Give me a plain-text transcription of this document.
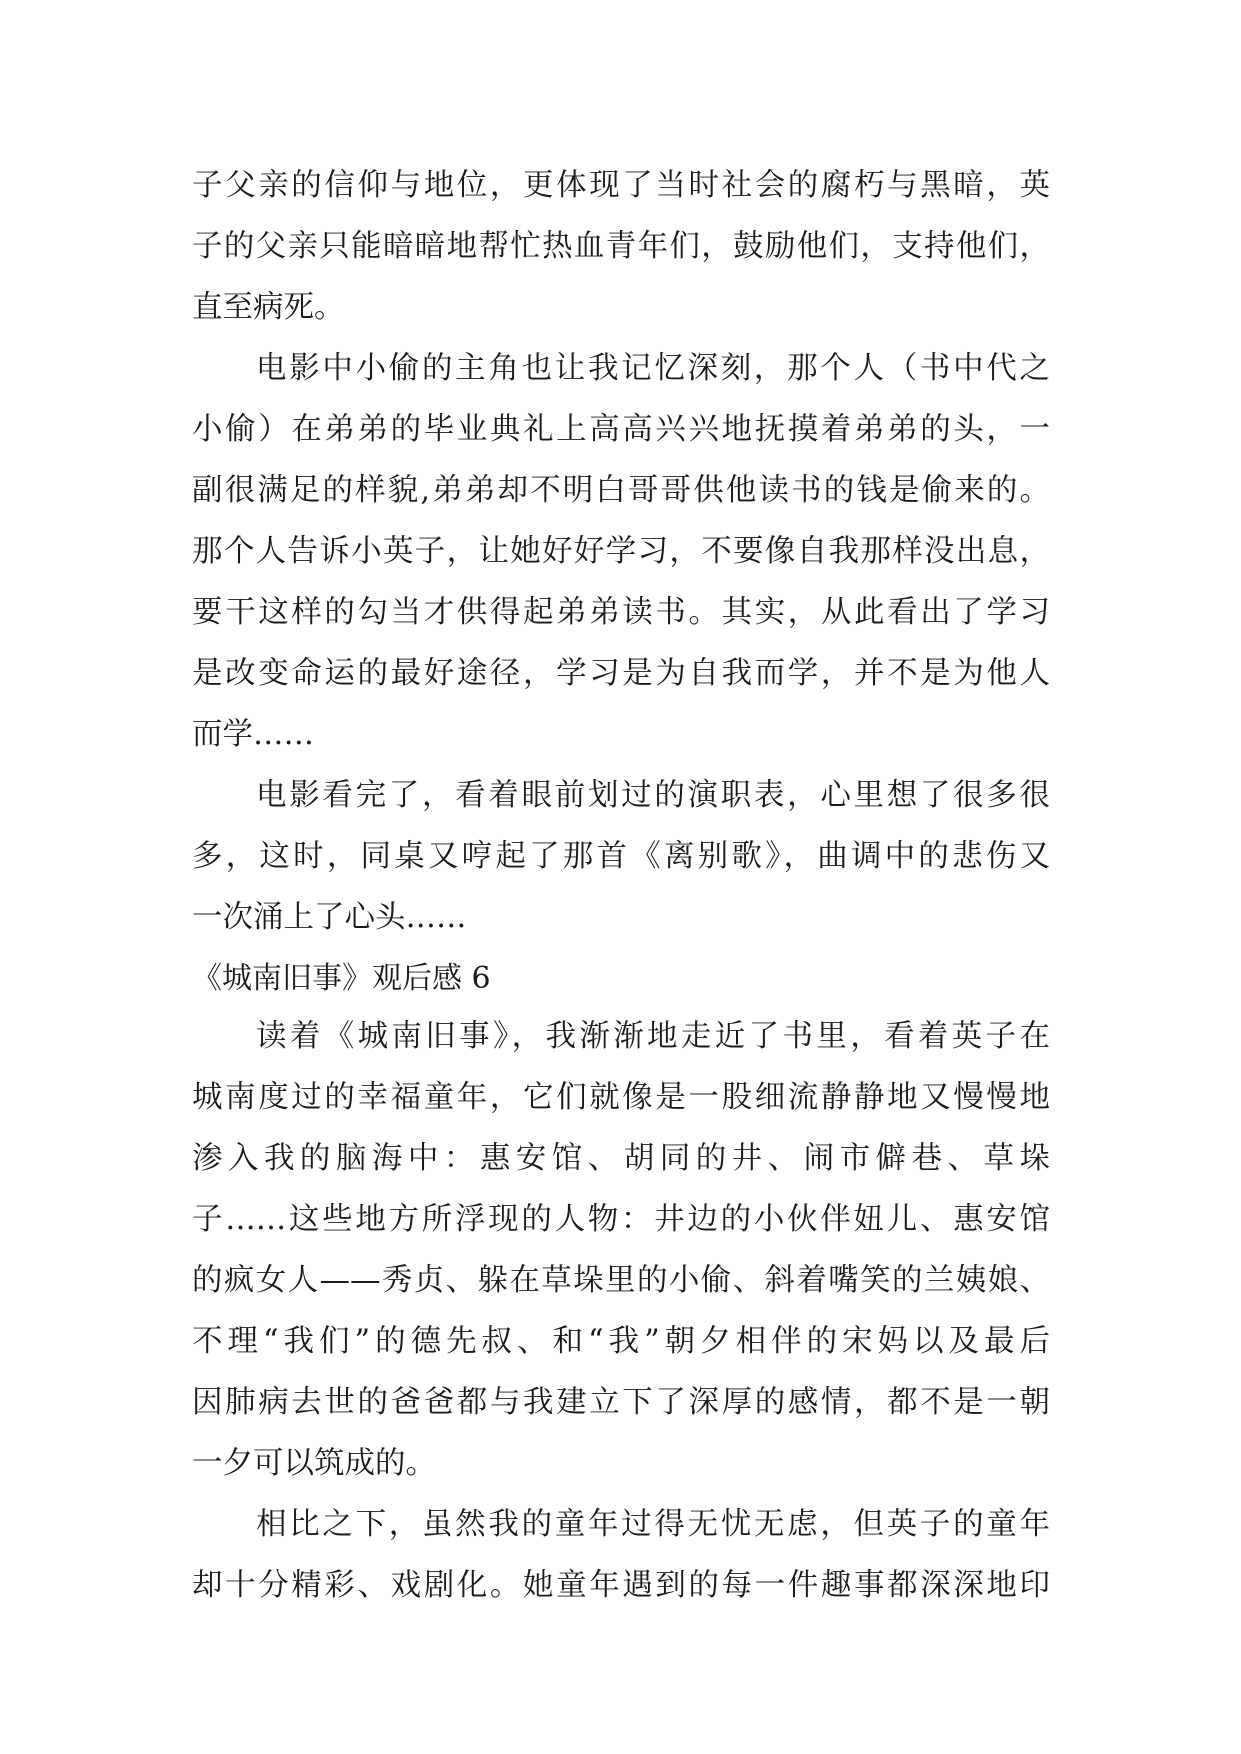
子父亲的信仰与地位，更体现了当时社会的腐朽与黑暗，英
子的父亲只能暗暗地帮忙热血青年们，鼓励他们，支持他们，
直至病死。
电影中小偷的主角也让我记忆深刻，那个人（书中代之
小偷）在弟弟的毕业典礼上高高兴兴地抚摸着弟弟的头，一
副很满足的样貌,弟弟却不明白哥哥供他读书的钱是偷来的。
那个人告诉小英子，让她好好学习，不要像自我那样没出息，
要干这样的勾当才供得起弟弟读书。其实，从此看出了学习
是改变命运的最好途径，学习是为自我而学，并不是为他人
而学……
电影看完了，看着眼前划过的演职表，心里想了很多很
多，这时，同桌又哼起了那首《离别歌》，曲调中的悲伤又
一次涌上了心头……
《城南旧事》观后感 6
读着《城南旧事》，我渐渐地走近了书里，看着英子在
城南度过的幸福童年，它们就像是一股细流静静地又慢慢地
渗入我的脑海中：惠安馆、胡同的井、闹市僻巷、草垛
子……这些地方所浮现的人物：井边的小伙伴妞儿、惠安馆
的疯女人——秀贞、躲在草垛里的小偷、斜着嘴笑的兰姨娘、
不理“我们”的德先叔、和“我”朝夕相伴的宋妈以及最后
因肺病去世的爸爸都与我建立下了深厚的感情，都不是一朝
一夕可以筑成的。
相比之下，虽然我的童年过得无忧无虑，但英子的童年
却十分精彩、戏剧化。她童年遇到的每一件趣事都深深地印
